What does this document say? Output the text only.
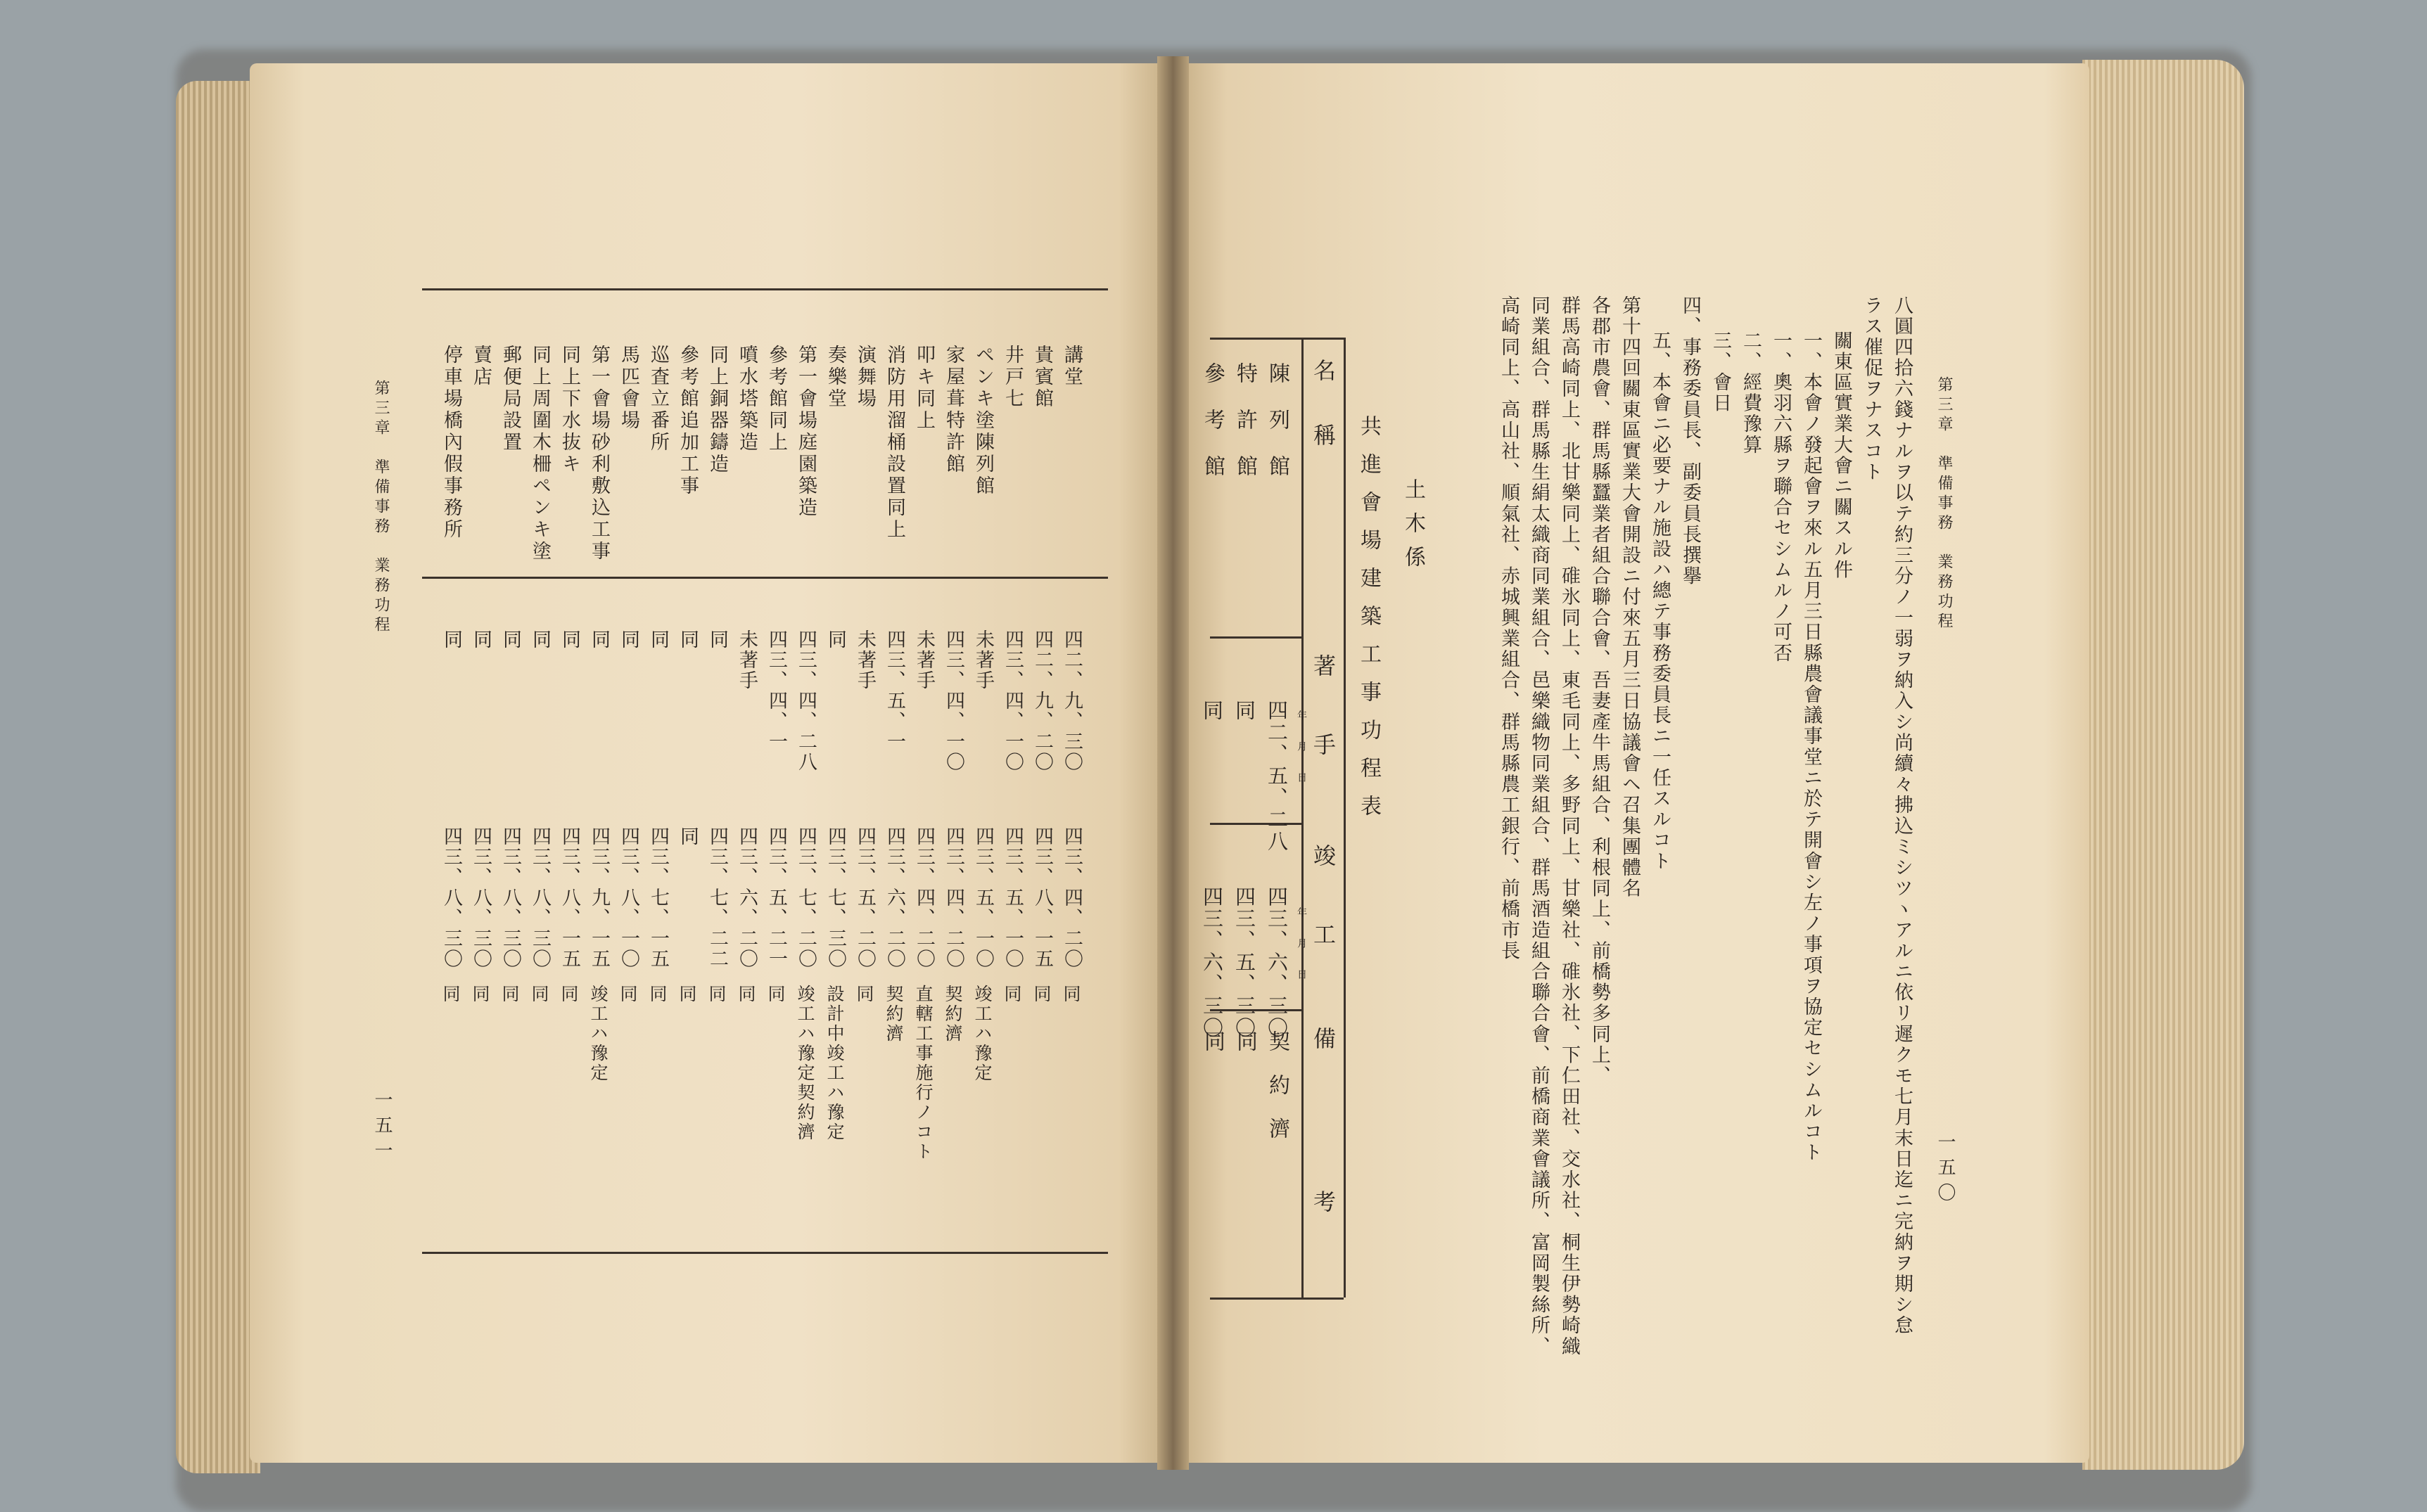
第三章　準備事務　業務功程
一五〇
八圓四拾六錢ナルヲ以テ約三分ノ一弱ヲ納入シ尚續々拂込ミシツヽアルニ依リ遲クモ七月末日迄ニ完納ヲ期シ怠
ラス催促ヲナスコト
關東區實業大會ニ關スル件
一、本會ノ發起會ヲ來ル五月三日縣農會議事堂ニ於テ開會シ左ノ事項ヲ協定セシムルコト
一、奧羽六縣ヲ聯合セシムルノ可否
二、經費豫算
三、會日
四、事務委員長、副委員長撰擧
五、本會ニ必要ナル施設ハ總テ事務委員長ニ一任スルコト
第十四回關東區實業大會開設ニ付來五月三日協議會ヘ召集團體名
各郡市農會、群馬縣蠶業者組合聯合會、吾妻產牛馬組合、利根同上、前橋勢多同上、
群馬高崎同上、北甘樂同上、碓氷同上、東毛同上、多野同上、甘樂社、碓氷社、下仁田社、交水社、桐生伊勢崎織
同業組合、群馬縣生絹太織商同業組合、邑樂織物同業組合、群馬酒造組合聯合會、前橋商業會議所、富岡製絲所、
高崎同上、高山社、順氣社、赤城興業組合、群馬縣農工銀行、前橋市長
土木係
共進會場建築工事功程表
名稱
著手
竣工
備考
年月日
年月日
陳列館
四二、五、二八
四三、六、三〇
契約濟
特許館
同
四三、五、三〇
同
參考館
同
四三、六、三〇
同
第三章　準備事務　業務功程
一五一
講堂
四二、九、三〇
四三、四、二〇
同
貴賓館
四二、九、二〇
四三、八、一五
同
井戸七
四三、四、一〇
四三、五、一〇
同
ペンキ塗陳列館
未著手
四三、五、一〇
竣工ハ豫定
家屋葺特許館
四三、四、一〇
四三、四、二〇
契約濟
叩キ同上
未著手
四三、四、二〇
直轄工事施行ノコト
消防用溜桶設置同上
四三、五、一
四三、六、二〇
契約濟
演舞場
未著手
四三、五、二〇
同
奏樂堂
同
四三、七、三〇
設計中竣工ハ豫定
第一會場庭園築造
四三、四、二八
四三、七、二〇
竣工ハ豫定契約濟
參考館同上
四三、四、一
四三、五、二一
同
噴水塔築造
未著手
四三、六、二〇
同
同上銅器鑄造
同
四三、七、二二
同
參考館追加工事
同
同
同
巡査立番所
同
四三、七、一五
同
馬匹會場
同
四三、八、一〇
同
第一會場砂利敷込工事
同
四三、九、一五
竣工ハ豫定
同上下水抜キ
同
四三、八、一五
同
同上周圍木柵ペンキ塗
同
四三、八、三〇
同
郵便局設置
同
四三、八、三〇
同
賣店
同
四三、八、三〇
同
停車場橋內假事務所
同
四三、八、三〇
同
